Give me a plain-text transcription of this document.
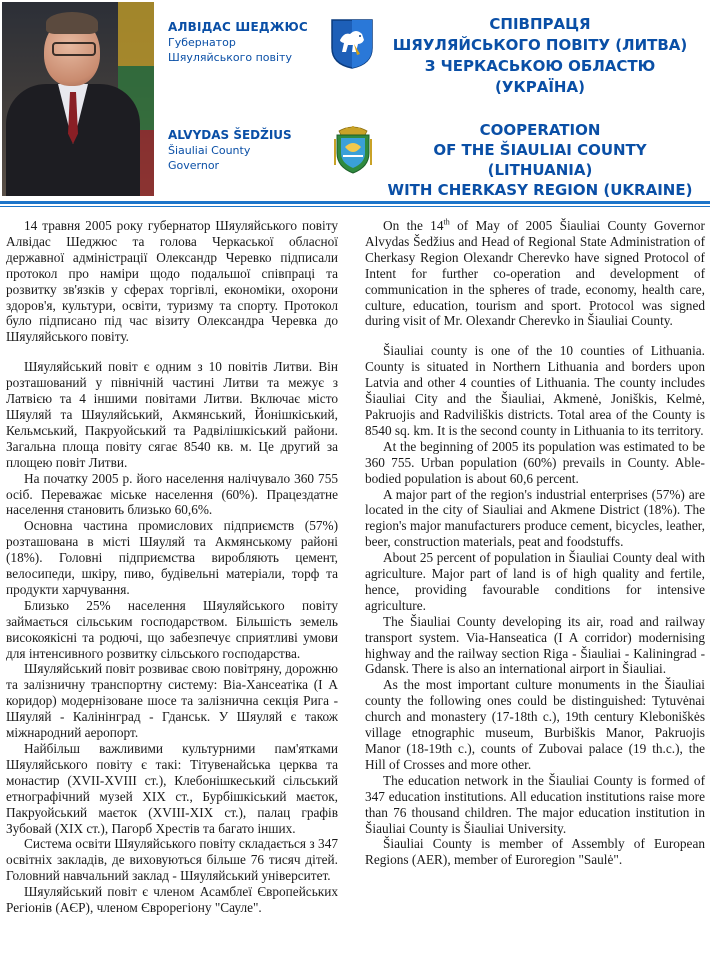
АЛВІДАС ШЕДЖЮС
Губернатор
Шяуляйського повіту
ALVYDAS ŠEDŽIUS
Šiauliai County
Governor
СПІВПРАЦЯ
ШЯУЛЯЙСЬКОГО ПОВІТУ (ЛИТВА)
З ЧЕРКАСЬКОЮ ОБЛАСТЮ (УКРАЇНА)
COOPERATION
OF THE ŠIAULIAI COUNTY (LITHUANIA)
WITH CHERKASY REGION (UKRAINE)

14 травня 2005 року губернатор Шяуляйського повіту Алвідас Шеджюс та голова Черкаської обласної державної адміністрації Олександр Черевко підписали протокол про наміри щодо подальшої співпраці та розвитку зв'язків у сферах торгівлі, економіки, охорони здоров'я, культури, освіти, туризму та спорту. Протокол було підписано під час візиту Олександра Черевка до Шяуляйського повіту.

Шяуляйський повіт є одним з 10 повітів Литви. Він розташований у північній частині Литви та межує з Латвією та 4 іншими повітами Литви. Включає місто Шяуляй та Шяуляйський, Акмянський, Йонішкіський, Кельмський, Пакруойський та Радвілішкіський райони. Загальна площа повіту сягає 8540 кв. м. Це другий за площею повіт Литви.

На початку 2005 р. його населення налічувало 360 755 осіб. Переважає міське населення (60%). Працездатне населення становить близько 60,6%.

Основна частина промислових підприємств (57%) розташована в місті Шяуляй та Акмянському районі (18%). Головні підприємства виробляють цемент, велосипеди, шкіру, пиво, будівельні матеріали, торф та продукти харчування.

Близько 25% населення Шяуляйського повіту займається сільським господарством. Більшість земель високоякісні та родючі, що забезпечує сприятливі умови для інтенсивного розвитку сільського господарства.

Шяуляйський повіт розвиває свою повітряну, дорожню та залізничну транспортну систему: Віа-Хансеатіка (І А коридор) модернізоване шосе та залізнична секція Рига - Шяуляй - Калінінград - Гданськ. У Шяуляй є також міжнародний аеропорт.

Найбільш важливими культурними пам'ятками Шяуляйського повіту є такі: Тітувенайська церква та монастир (XVII-XVIII ст.), Клебонішкеський сільський етнографічний музей XIX ст., Бурбішкіський маєток, Пакруойський маєток (XVIII-XIX ст.), палац графів Зубовай (XIX ст.), Пагорб Хрестів та багато інших.

Система освіти Шяуляйського повіту складається з 347 освітніх закладів, де виховуються більше 76 тисяч дітей. Головний навчальний заклад - Шяуляйський університет.

Шяуляйський повіт є членом Асамблеї Європейських Регіонів (АЄР), членом Єврорегіону "Сауле".

On the 14th of May of 2005 Šiauliai County Governor Alvydas Šedžius and Head of Regional State Administration of Cherkasy Region Olexandr Cherevko have signed Protocol of Intent for further co-operation and development of communication in the spheres of trade, economy, health care, culture, education, tourism and sport. Protocol was signed during visit of Mr. Olexandr Cherevko in Šiauliai County.

Šiauliai county is one of the 10 counties of Lithuania. County is situated in Northern Lithuania and borders upon Latvia and other 4 counties of Lithuania. The county includes Šiauliai City and the Šiauliai, Akmenė, Joniškis, Kelmė, Pakruojis and Radviliškis districts. Total area of the County is 8540 sq. km. It is the second county in Lithuania to its territory.

At the beginning of 2005 its population was estimated to be 360 755. Urban population (60%) prevails in County. Able-bodied population is about 60,6 percent.

A major part of the region's industrial enterprises (57%) are located in the city of Siauliai and Akmene District (18%). The region's major manufacturers produce cement, bicycles, leather, beer, construction materials, peat and foodstuffs.

About 25 percent of population in Šiauliai County deal with agriculture. Major part of land is of high quality and fertile, hence, providing favourable conditions for intensive agriculture.

The Šiauliai County developing its air, road and railway transport system. Via-Hanseatica (I A corridor) modernising highway and the railway section Riga - Šiauliai - Kaliningrad - Gdansk. There is also an international airport in Šiauliai.

As the most important culture monuments in the Šiauliai county the following ones could be distinguished: Tytuvėnai church and monastery (17-18th c.), 19th century Kleboniškės village etnographic museum, Burbiškis Manor, Pakruojis Manor (18-19th c.), counts of Zubovai palace (19 th.c.), the Hill of Crosses and more other.

The education network in the Šiauliai County is formed of 347 education institutions. All education institutions raise more than 76 thousand children. The major education institution in Šiauliai County is Šiauliai University.

Šiauliai County is member of Assembly of European Regions (AER), member of Euroregion "Saulė".
